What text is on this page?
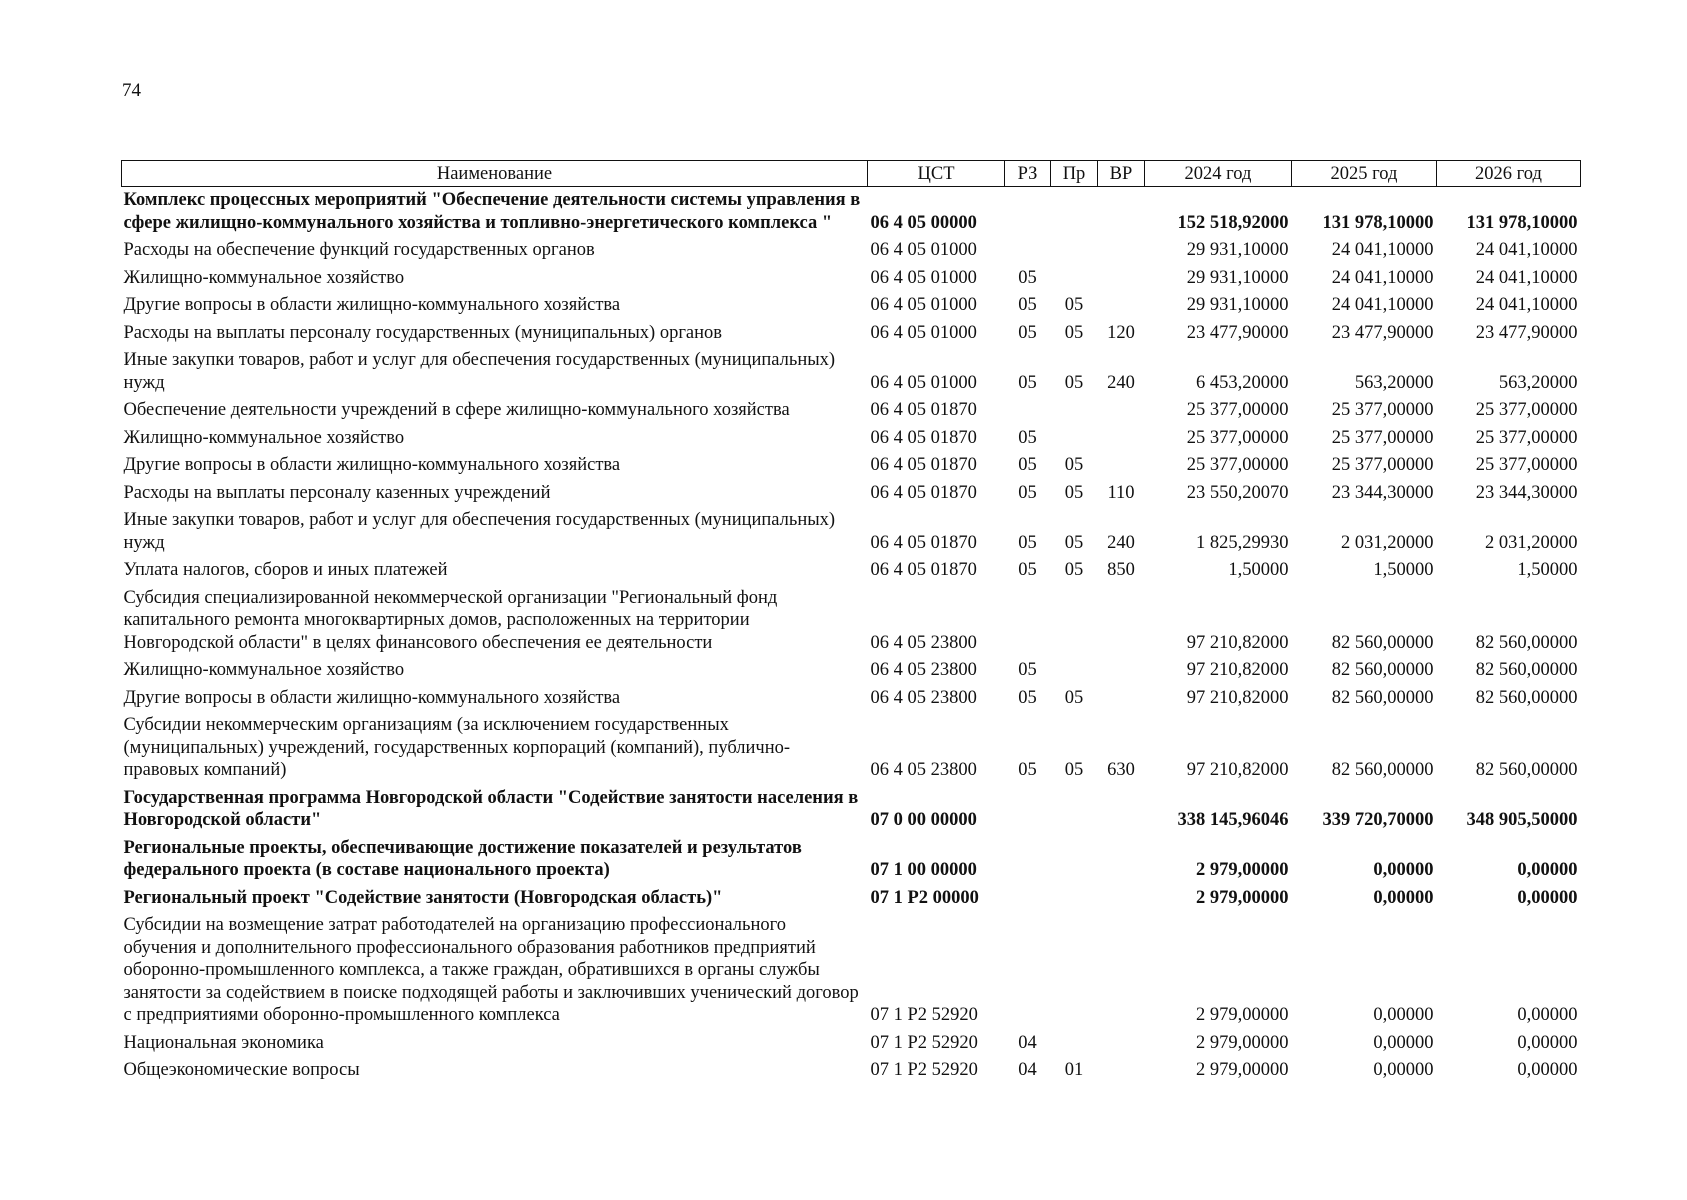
74
Наименование	ЦСТ	РЗ	Пр	ВР	2024 год	2025 год	2026 год
Комплекс процессных мероприятий "Обеспечение деятельности системы управления в сфере жилищно-коммунального хозяйства и топливно-энергетического комплекса "	06 4 05 00000				152 518,92000	131 978,10000	131 978,10000
Расходы на обеспечение функций государственных органов	06 4 05 01000				29 931,10000	24 041,10000	24 041,10000
Жилищно-коммунальное хозяйство	06 4 05 01000	05			29 931,10000	24 041,10000	24 041,10000
Другие вопросы в области жилищно-коммунального хозяйства	06 4 05 01000	05	05		29 931,10000	24 041,10000	24 041,10000
Расходы на выплаты персоналу государственных (муниципальных) органов	06 4 05 01000	05	05	120	23 477,90000	23 477,90000	23 477,90000
Иные закупки товаров, работ и услуг для обеспечения государственных (муниципальных) нужд	06 4 05 01000	05	05	240	6 453,20000	563,20000	563,20000
Обеспечение деятельности учреждений в сфере жилищно-коммунального хозяйства	06 4 05 01870				25 377,00000	25 377,00000	25 377,00000
Жилищно-коммунальное хозяйство	06 4 05 01870	05			25 377,00000	25 377,00000	25 377,00000
Другие вопросы в области жилищно-коммунального хозяйства	06 4 05 01870	05	05		25 377,00000	25 377,00000	25 377,00000
Расходы на выплаты персоналу казенных учреждений	06 4 05 01870	05	05	110	23 550,20070	23 344,30000	23 344,30000
Иные закупки товаров, работ и услуг для обеспечения государственных (муниципальных) нужд	06 4 05 01870	05	05	240	1 825,29930	2 031,20000	2 031,20000
Уплата налогов, сборов и иных платежей	06 4 05 01870	05	05	850	1,50000	1,50000	1,50000
Субсидия специализированной некоммерческой организации "Региональный фонд капитального ремонта многоквартирных домов, расположенных на территории Новгородской области" в целях финансового обеспечения ее деятельности	06 4 05 23800				97 210,82000	82 560,00000	82 560,00000
Жилищно-коммунальное хозяйство	06 4 05 23800	05			97 210,82000	82 560,00000	82 560,00000
Другие вопросы в области жилищно-коммунального хозяйства	06 4 05 23800	05	05		97 210,82000	82 560,00000	82 560,00000
Субсидии некоммерческим организациям (за исключением государственных (муниципальных) учреждений, государственных корпораций (компаний), публично-правовых компаний)	06 4 05 23800	05	05	630	97 210,82000	82 560,00000	82 560,00000
Государственная программа Новгородской области "Содействие занятости населения в Новгородской области"	07 0 00 00000				338 145,96046	339 720,70000	348 905,50000
Региональные проекты, обеспечивающие достижение показателей и результатов федерального проекта (в составе национального проекта)	07 1 00 00000				2 979,00000	0,00000	0,00000
Региональный проект "Содействие занятости (Новгородская область)"	07 1 P2 00000				2 979,00000	0,00000	0,00000
Субсидии на возмещение затрат работодателей на организацию профессионального обучения и дополнительного профессионального образования работников предприятий оборонно-промышленного комплекса, а также граждан, обратившихся в органы службы занятости за содействием в поиске подходящей работы и заключивших ученический договор с предприятиями оборонно-промышленного комплекса	07 1 P2 52920				2 979,00000	0,00000	0,00000
Национальная экономика	07 1 P2 52920	04			2 979,00000	0,00000	0,00000
Общеэкономические вопросы	07 1 P2 52920	04	01		2 979,00000	0,00000	0,00000
